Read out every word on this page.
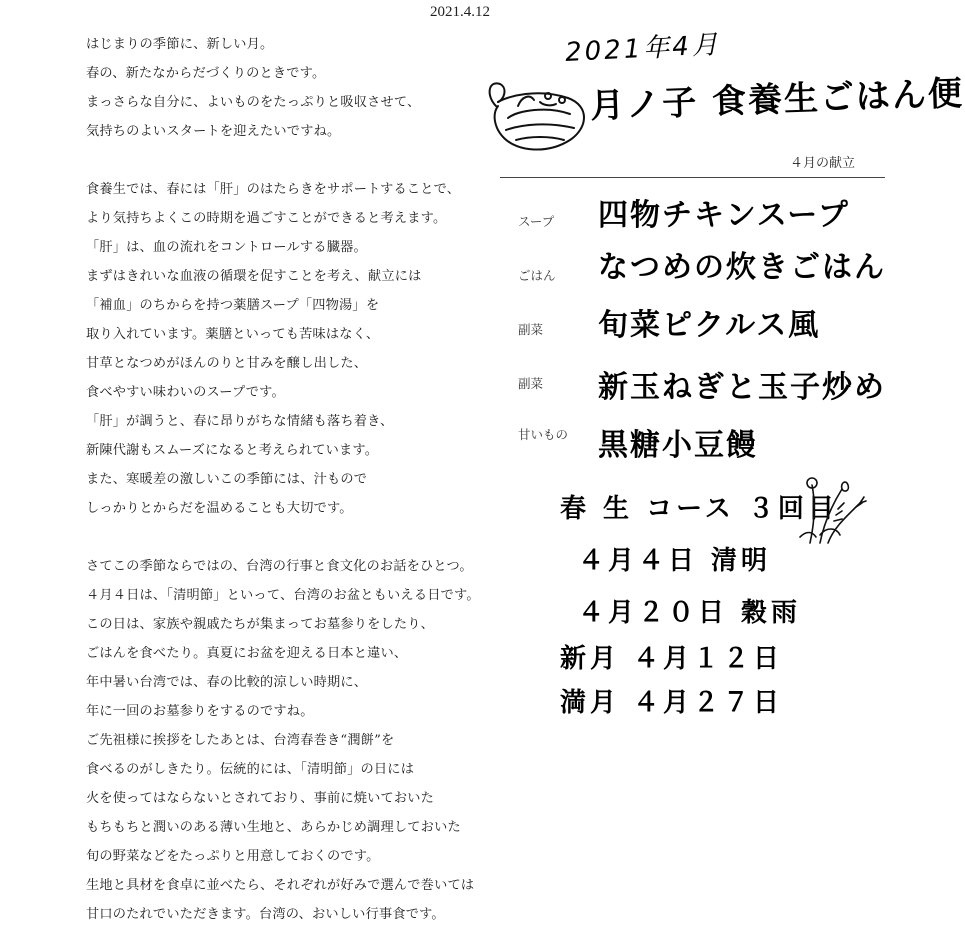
2021.4.12
はじまりの季節に、新しい月。
春の、新たなからだづくりのときです。
まっさらな自分に、よいものをたっぷりと吸収させて、
気持ちのよいスタートを迎えたいですね。
食養生では、春には「肝」のはたらきをサポートすることで、
より気持ちよくこの時期を過ごすことができると考えます。
「肝」は、血の流れをコントロールする臓器。
まずはきれいな血液の循環を促すことを考え、献立には
「補血」のちからを持つ薬膳スープ「四物湯」を
取り入れています。薬膳といっても苦味はなく、
甘草となつめがほんのりと甘みを醸し出した、
食べやすい味わいのスープです。
「肝」が調うと、春に昂りがちな情緒も落ち着き、
新陳代謝もスムーズになると考えられています。
また、寒暖差の激しいこの季節には、汁もので
しっかりとからだを温めることも大切です。
さてこの季節ならではの、台湾の行事と食文化のお話をひとつ。
４月４日は、「清明節」といって、台湾のお盆ともいえる日です。
この日は、家族や親戚たちが集まってお墓参りをしたり、
ごはんを食べたり。真夏にお盆を迎える日本と違い、
年中暑い台湾では、春の比較的涼しい時期に、
年に一回のお墓参りをするのですね。
ご先祖様に挨拶をしたあとは、台湾春巻き“潤餅”を
食べるのがしきたり。伝統的には、「清明節」の日には
火を使ってはならないとされており、事前に焼いておいた
もちもちと潤いのある薄い生地と、あらかじめ調理しておいた
旬の野菜などをたっぷりと用意しておくのです。
生地と具材を食卓に並べたら、それぞれが好みで選んで巻いては
甘口のたれでいただきます。台湾の、おいしい行事食です。
2021年4月
月ノ子 食養生ごはん便
４月の献立
スープ 四物チキンスープ
ごはん なつめの炊きごはん
副菜 旬菜ピクルス風
副菜 新玉ねぎと玉子炒め
甘いもの 黒糖小豆饅
春 生 コース ３回目
４月４日 清明
４月２０日 穀雨
新月 ４月１２日
満月 ４月２７日
